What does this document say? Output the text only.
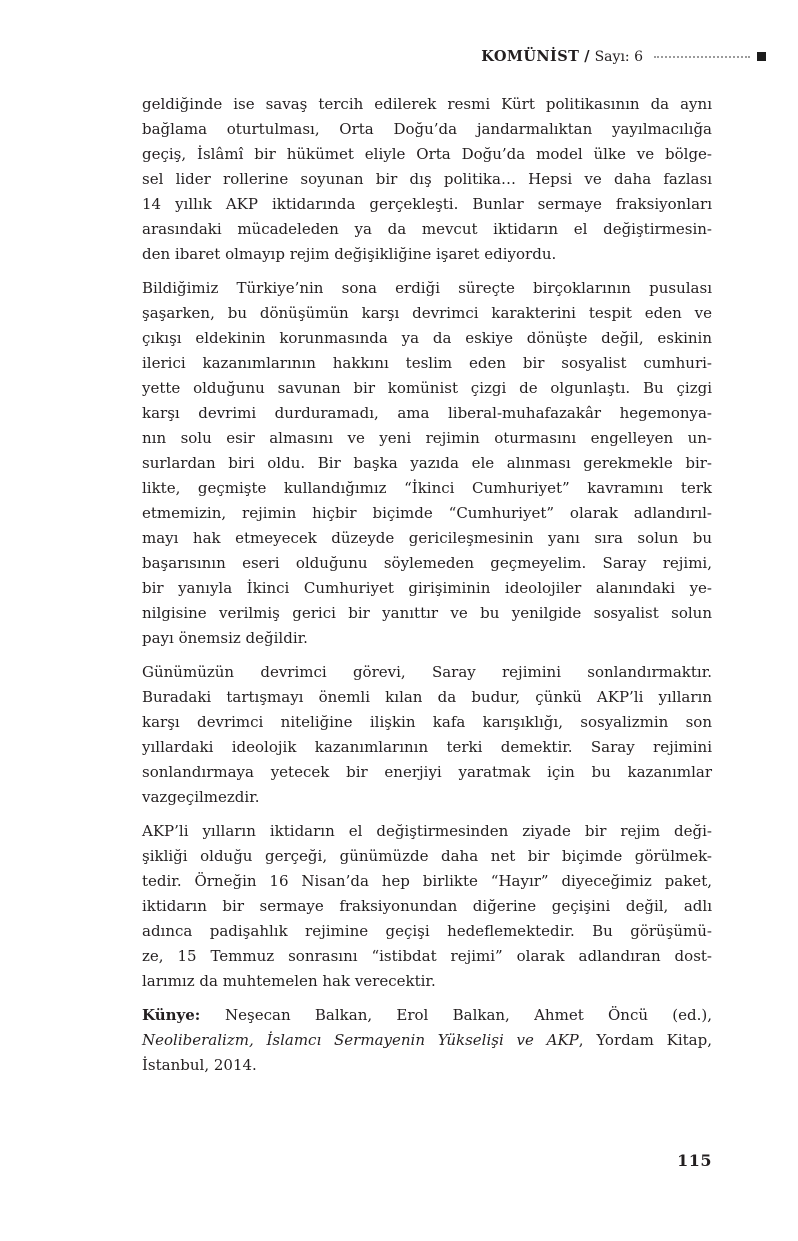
KOMÜNİST / Sayı: 6
geldiğinde ise savaş tercih edilerek resmi Kürt politikasının da aynı
bağlama oturtulması, Orta Doğu’da jandarmalıktan yayılmacılığa
geçiş, İslâmî bir hükümet eliyle Orta Doğu’da model ülke ve bölge-
sel lider rollerine soyunan bir dış politika… Hepsi ve daha fazlası
14 yıllık AKP iktidarında gerçekleşti. Bunlar sermaye fraksiyonları
arasındaki mücadeleden ya da mevcut iktidarın el değiştirmesin-
den ibaret olmayıp rejim değişikliğine işaret ediyordu.
Bildiğimiz Türkiye’nin sona erdiği süreçte birçoklarının pusulası
şaşarken, bu dönüşümün karşı devrimci karakterini tespit eden ve
çıkışı eldekinin korunmasında ya da eskiye dönüşte değil, eskinin
ilerici kazanımlarının hakkını teslim eden bir sosyalist cumhuri-
yette olduğunu savunan bir komünist çizgi de olgunlaştı. Bu çizgi
karşı devrimi durduramadı, ama liberal-muhafazakâr hegemonya-
nın solu esir almasını ve yeni rejimin oturmasını engelleyen un-
surlardan biri oldu. Bir başka yazıda ele alınması gerekmekle bir-
likte, geçmişte kullandığımız “İkinci Cumhuriyet” kavramını terk
etmemizin, rejimin hiçbir biçimde “Cumhuriyet” olarak adlandırıl-
mayı hak etmeyecek düzeyde gericileşmesinin yanı sıra solun bu
başarısının eseri olduğunu söylemeden geçmeyelim. Saray rejimi,
bir yanıyla İkinci Cumhuriyet girişiminin ideolojiler alanındaki ye-
nilgisine verilmiş gerici bir yanıttır ve bu yenilgide sosyalist solun
payı önemsiz değildir.
Günümüzün devrimci görevi, Saray rejimini sonlandırmaktır.
Buradaki tartışmayı önemli kılan da budur, çünkü AKP’li yılların
karşı devrimci niteliğine ilişkin kafa karışıklığı, sosyalizmin son
yıllardaki ideolojik kazanımlarının terki demektir. Saray rejimini
sonlandırmaya yetecek bir enerjiyi yaratmak için bu kazanımlar
vazgeçilmezdir.
AKP’li yılların iktidarın el değiştirmesinden ziyade bir rejim deği-
şikliği olduğu gerçeği, günümüzde daha net bir biçimde görülmek-
tedir. Örneğin 16 Nisan’da hep birlikte “Hayır” diyeceğimiz paket,
iktidarın bir sermaye fraksiyonundan diğerine geçişini değil, adlı
adınca padişahlık rejimine geçişi hedeflemektedir. Bu görüşümü-
ze, 15 Temmuz sonrasını “istibdat rejimi” olarak adlandıran dost-
larımız da muhtemelen hak verecektir.
Künye: Neşecan Balkan, Erol Balkan, Ahmet Öncü (ed.),
Neoliberalizm, İslamcı Sermayenin Yükselişi ve AKP, Yordam Kitap,
İstanbul, 2014.
115
